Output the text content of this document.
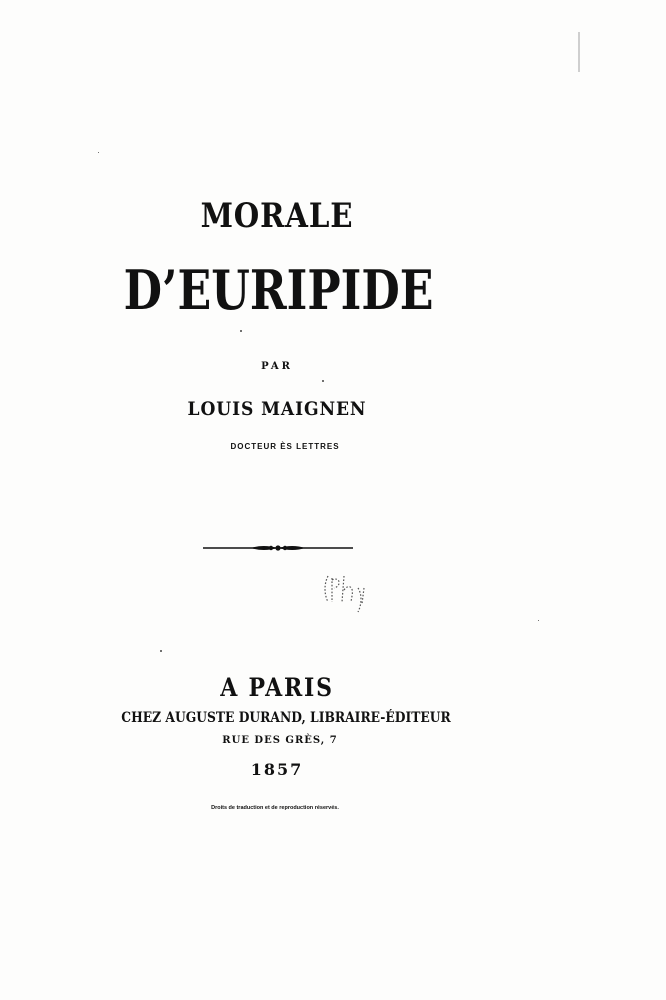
MORALE
D’EURIPIDE
PAR
LOUIS MAIGNEN
DOCTEUR ÈS LETTRES
A PARIS
CHEZ AUGUSTE DURAND, LIBRAIRE-ÉDITEUR
RUE DES GRÈS, 7
1857
Droits de traduction et de reproduction réservés.
